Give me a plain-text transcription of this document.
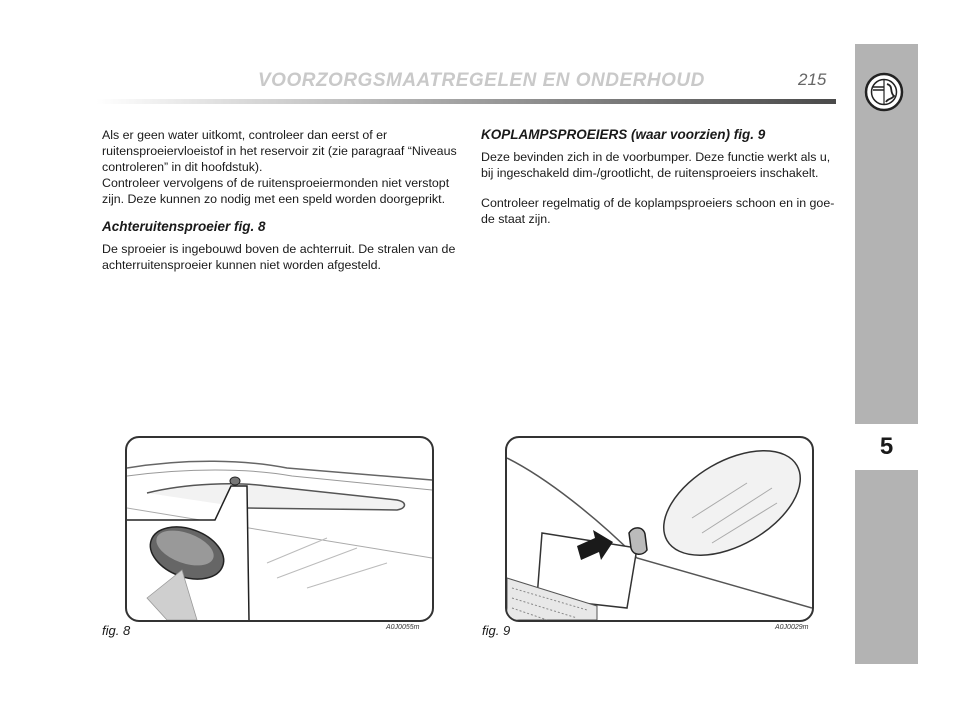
VOORZORGSMAATREGELEN EN ONDERHOUD	215
5

Als er geen water uitkomt, controleer dan eerst of er ruitensproeiervloeistof in het reservoir zit (zie paragraaf “Niveaus controleren” in dit hoofdstuk).
Controleer vervolgens of de ruitensproeiermonden niet verstopt zijn. Deze kunnen zo nodig met een speld worden doorgeprikt.

Achteruitensproeier fig. 8

De sproeier is ingebouwd boven de achterruit. De stralen van de achterruitensproeier kunnen niet worden afgesteld.

KOPLAMPSPROEIERS (waar voorzien) fig. 9

Deze bevinden zich in de voorbumper. Deze functie werkt als u, bij ingeschakeld dim-/grootlicht, de ruitensproeiers inschakelt.

Controleer regelmatig of de koplampsproeiers schoon en in goede staat zijn.

fig. 8	A0J0055m	fig. 9	A0J0029m
